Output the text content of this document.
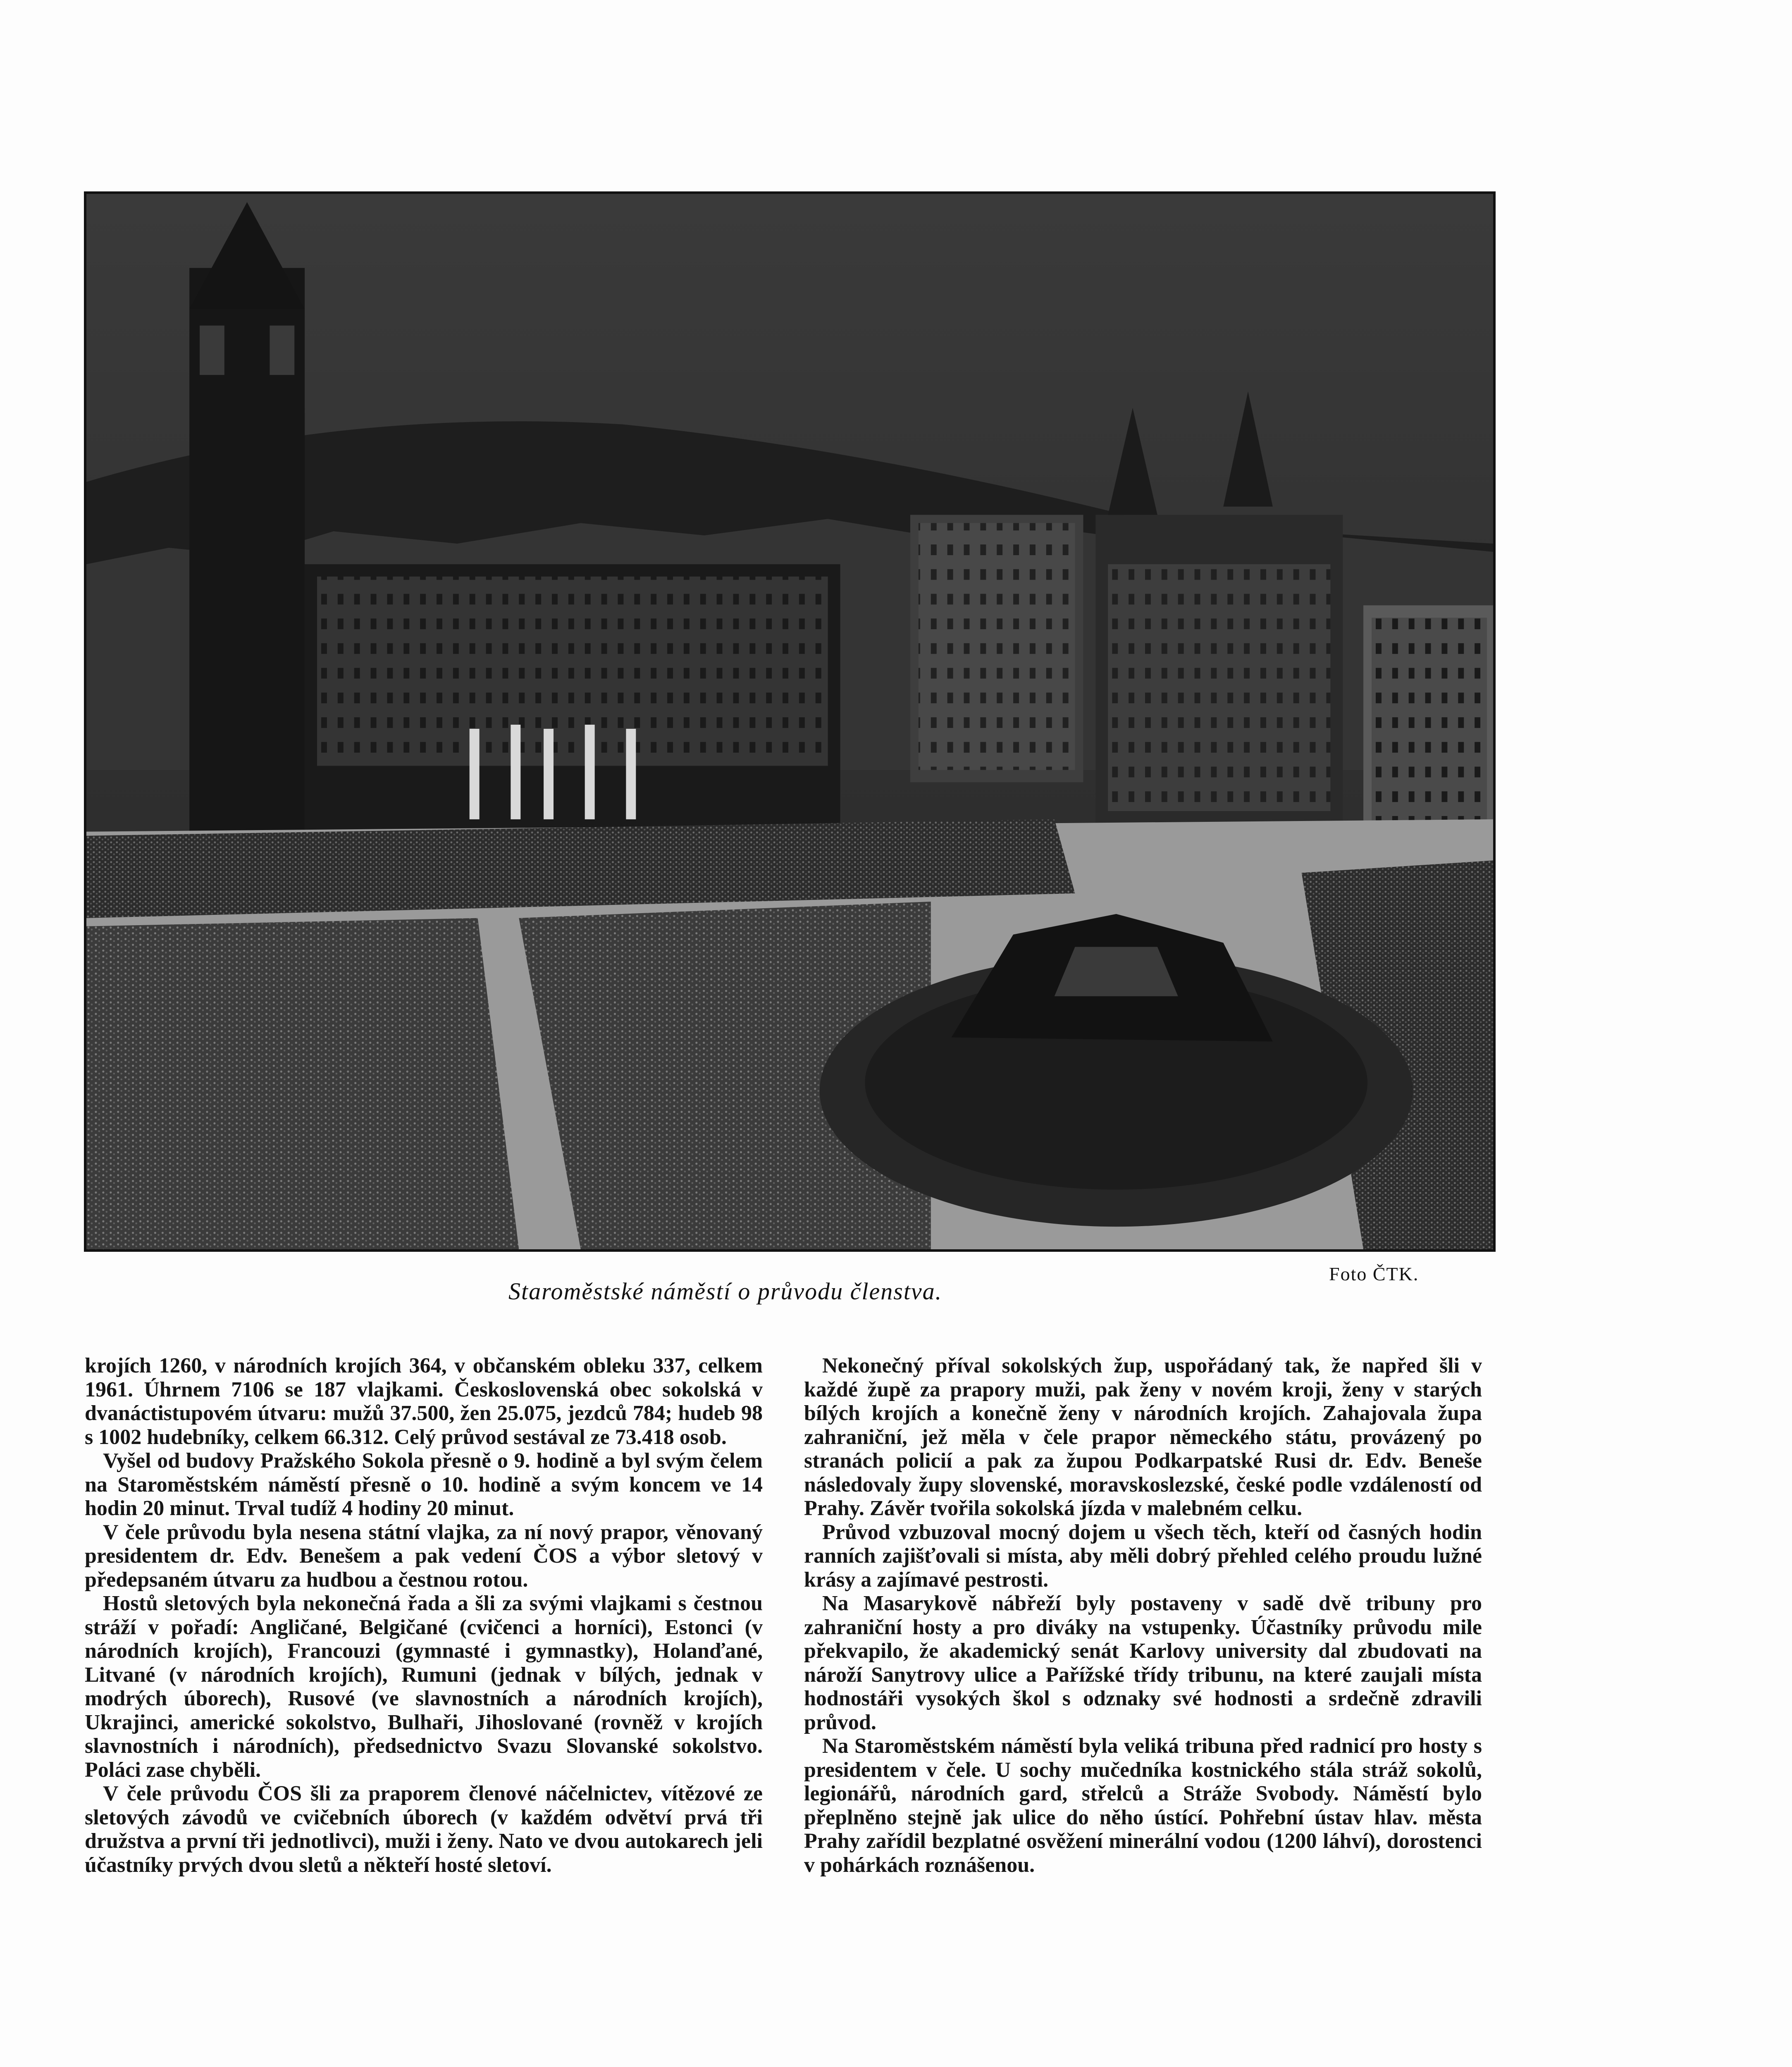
Staroměstské náměstí o průvodu členstva.
Foto ČTK.

krojích 1260, v národních krojích 364, v občanském obleku 337, celkem 1961. Úhrnem 7106 se 187 vlajkami. Československá obec sokolská v dvanáctistupovém útvaru: mužů 37.500, žen 25.075, jezdců 784; hudeb 98 s 1002 hudebníky, celkem 66.312. Celý průvod sestával ze 73.418 osob.

Vyšel od budovy Pražského Sokola přesně o 9. hodině a byl svým čelem na Staroměstském náměstí přesně o 10. hodině a svým koncem ve 14 hodin 20 minut. Trval tudíž 4 hodiny 20 minut.

V čele průvodu byla nesena státní vlajka, za ní nový prapor, věnovaný presidentem dr. Edv. Benešem a pak vedení ČOS a výbor sletový v předepsaném útvaru za hudbou a čestnou rotou.

Hostů sletových byla nekonečná řada a šli za svými vlajkami s čestnou stráží v pořadí: Angličané, Belgičané (cvičenci a horníci), Estonci (v národních krojích), Francouzi (gymnasté i gymnastky), Holanďané, Litvané (v národních krojích), Rumuni (jednak v bílých, jednak v modrých úborech), Rusové (ve slavnostních a národních krojích), Ukrajinci, americké sokolstvo, Bulhaři, Jihoslované (rovněž v krojích slavnostních i národních), předsednictvo Svazu Slovanské sokolstvo. Poláci zase chyběli.

V čele průvodu ČOS šli za praporem členové náčelnictev, vítězové ze sletových závodů ve cvičebních úborech (v každém odvětví prvá tři družstva a první tři jednotlivci), muži i ženy. Nato ve dvou autokarech jeli účastníky prvých dvou sletů a někteří hosté sletoví.

Nekonečný příval sokolských žup, uspořádaný tak, že napřed šli v každé župě za prapory muži, pak ženy v novém kroji, ženy v starých bílých krojích a konečně ženy v národních krojích. Zahajovala župa zahraniční, jež měla v čele prapor německého státu, provázený po stranách policií a pak za župou Podkarpatské Rusi dr. Edv. Beneše následovaly župy slovenské, moravskoslezské, české podle vzdáleností od Prahy. Závěr tvořila sokolská jízda v malebném celku.

Průvod vzbuzoval mocný dojem u všech těch, kteří od časných hodin ranních zajišťovali si místa, aby měli dobrý přehled celého proudu lužné krásy a zajímavé pestrosti.

Na Masarykově nábřeží byly postaveny v sadě dvě tribuny pro zahraniční hosty a pro diváky na vstupenky. Účastníky průvodu mile překvapilo, že akademický senát Karlovy university dal zbudovati na nároží Sanytrovy ulice a Pařížské třídy tribunu, na které zaujali místa hodnostáři vysokých škol s odznaky své hodnosti a srdečně zdravili průvod.

Na Staroměstském náměstí byla veliká tribuna před radnicí pro hosty s presidentem v čele. U sochy mučedníka kostnického stála stráž sokolů, legionářů, národních gard, střelců a Stráže Svobody. Náměstí bylo přeplněno stejně jak ulice do něho ústící. Pohřební ústav hlav. města Prahy zařídil bezplatné osvěžení minerální vodou (1200 láhví), dorostenci v pohárkách roznášenou.
